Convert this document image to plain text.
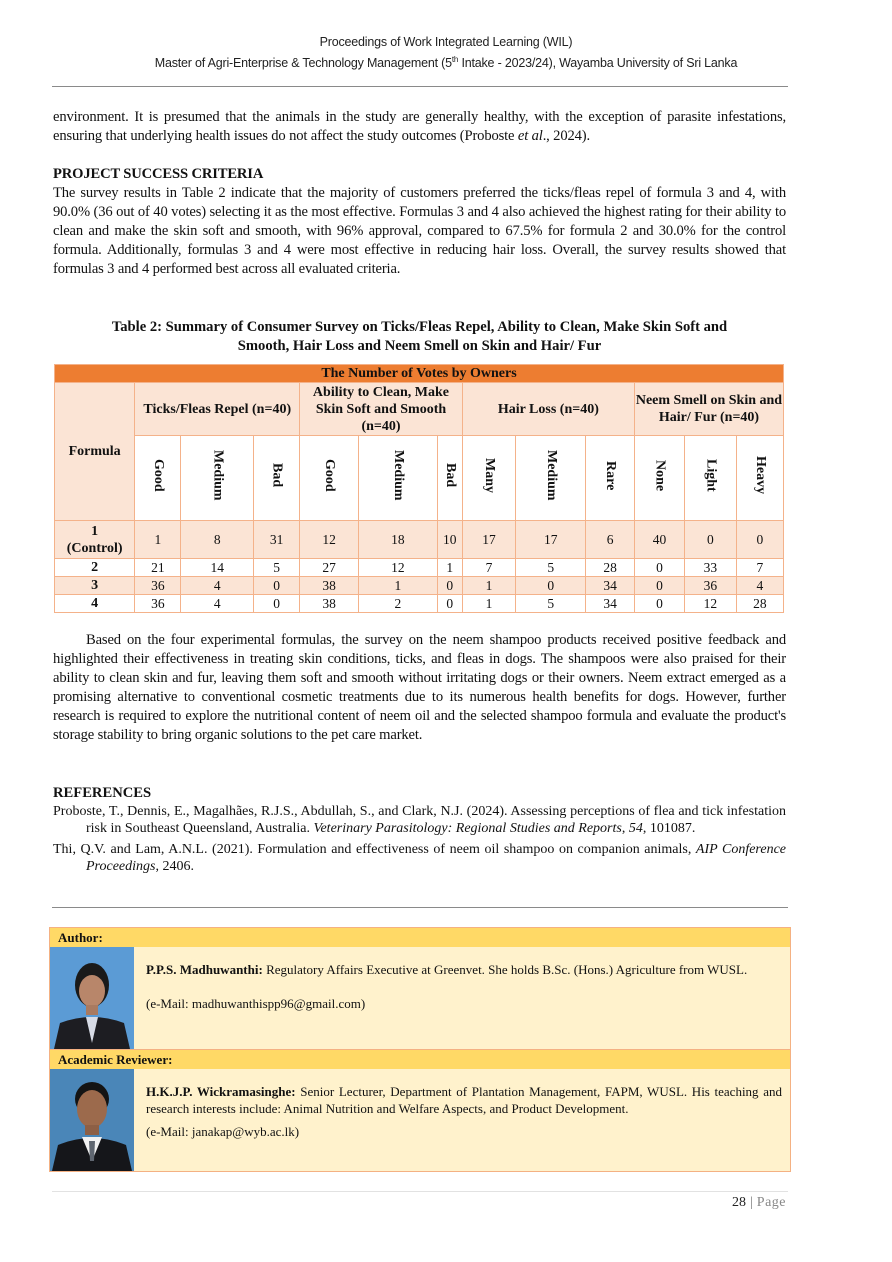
Proceedings of Work Integrated Learning (WIL)
Master of Agri-Enterprise & Technology Management (5th Intake - 2023/24), Wayamba University of Sri Lanka

environment. It is presumed that the animals in the study are generally healthy, with the exception of parasite infestations, ensuring that underlying health issues do not affect the study outcomes (Proboste et al., 2024).

PROJECT SUCCESS CRITERIA

The survey results in Table 2 indicate that the majority of customers preferred the ticks/fleas repel of formula 3 and 4, with 90.0% (36 out of 40 votes) selecting it as the most effective. Formulas 3 and 4 also achieved the highest rating for their ability to clean and make the skin soft and smooth, with 96% approval, compared to 67.5% for formula 2 and 30.0% for the control formula. Additionally, formulas 3 and 4 were most effective in reducing hair loss. Overall, the survey results showed that formulas 3 and 4 performed best across all evaluated criteria.

Table 2: Summary of Consumer Survey on Ticks/Fleas Repel, Ability to Clean, Make Skin Soft and
Smooth, Hair Loss and Neem Smell on Skin and Hair/ Fur
The Number of Votes by Owners												
Formula	Ticks/Fleas Repel (n=40)			Ability to Clean, Make Skin Soft and Smooth (n=40)			Hair Loss (n=40)			Neem Smell on Skin and Hair/ Fur (n=40)		
	Good	Medium	Bad	Good	Medium	Bad	Many	Medium	Rare	None	Light	Heavy

1
(Control)	1	8	31	12	18	10	17	17	6	40	0	0
2	21	14	5	27	12	1	7	5	28	0	33	7
3	36	4	0	38	1	0	1	0	34	0	36	4
4	36	4	0	38	2	0	1	5	34	0	12	28

Based on the four experimental formulas, the survey on the neem shampoo products received positive feedback and highlighted their effectiveness in treating skin conditions, ticks, and fleas in dogs. The shampoos were also praised for their ability to clean skin and fur, leaving them soft and smooth without irritating dogs or their owners. Neem extract emerged as a promising alternative to conventional cosmetic treatments due to its numerous health benefits for dogs. However, further research is required to explore the nutritional content of neem oil and the selected shampoo formula and evaluate the product's storage stability to bring organic solutions to the pet care market.

REFERENCES

Proboste, T., Dennis, E., Magalhães, R.J.S., Abdullah, S., and Clark, N.J. (2024). Assessing perceptions of flea and tick infestation risk in Southeast Queensland, Australia. Veterinary Parasitology: Regional Studies and Reports, 54, 101087.

Thi, Q.V. and Lam, A.N.L. (2021). Formulation and effectiveness of neem oil shampoo on companion animals, AIP Conference Proceedings, 2406.

Author:

P.P.S. Madhuwanthi: Regulatory Affairs Executive at Greenvet. She holds B.Sc. (Hons.) Agriculture from WUSL.

(e-Mail: madhuwanthispp96@gmail.com)

Academic Reviewer:

H.K.J.P. Wickramasinghe: Senior Lecturer, Department of Plantation Management, FAPM, WUSL. His teaching and research interests include: Animal Nutrition and Welfare Aspects, and Product Development.

(e-Mail: janakap@wyb.ac.lk)

28 | Page
